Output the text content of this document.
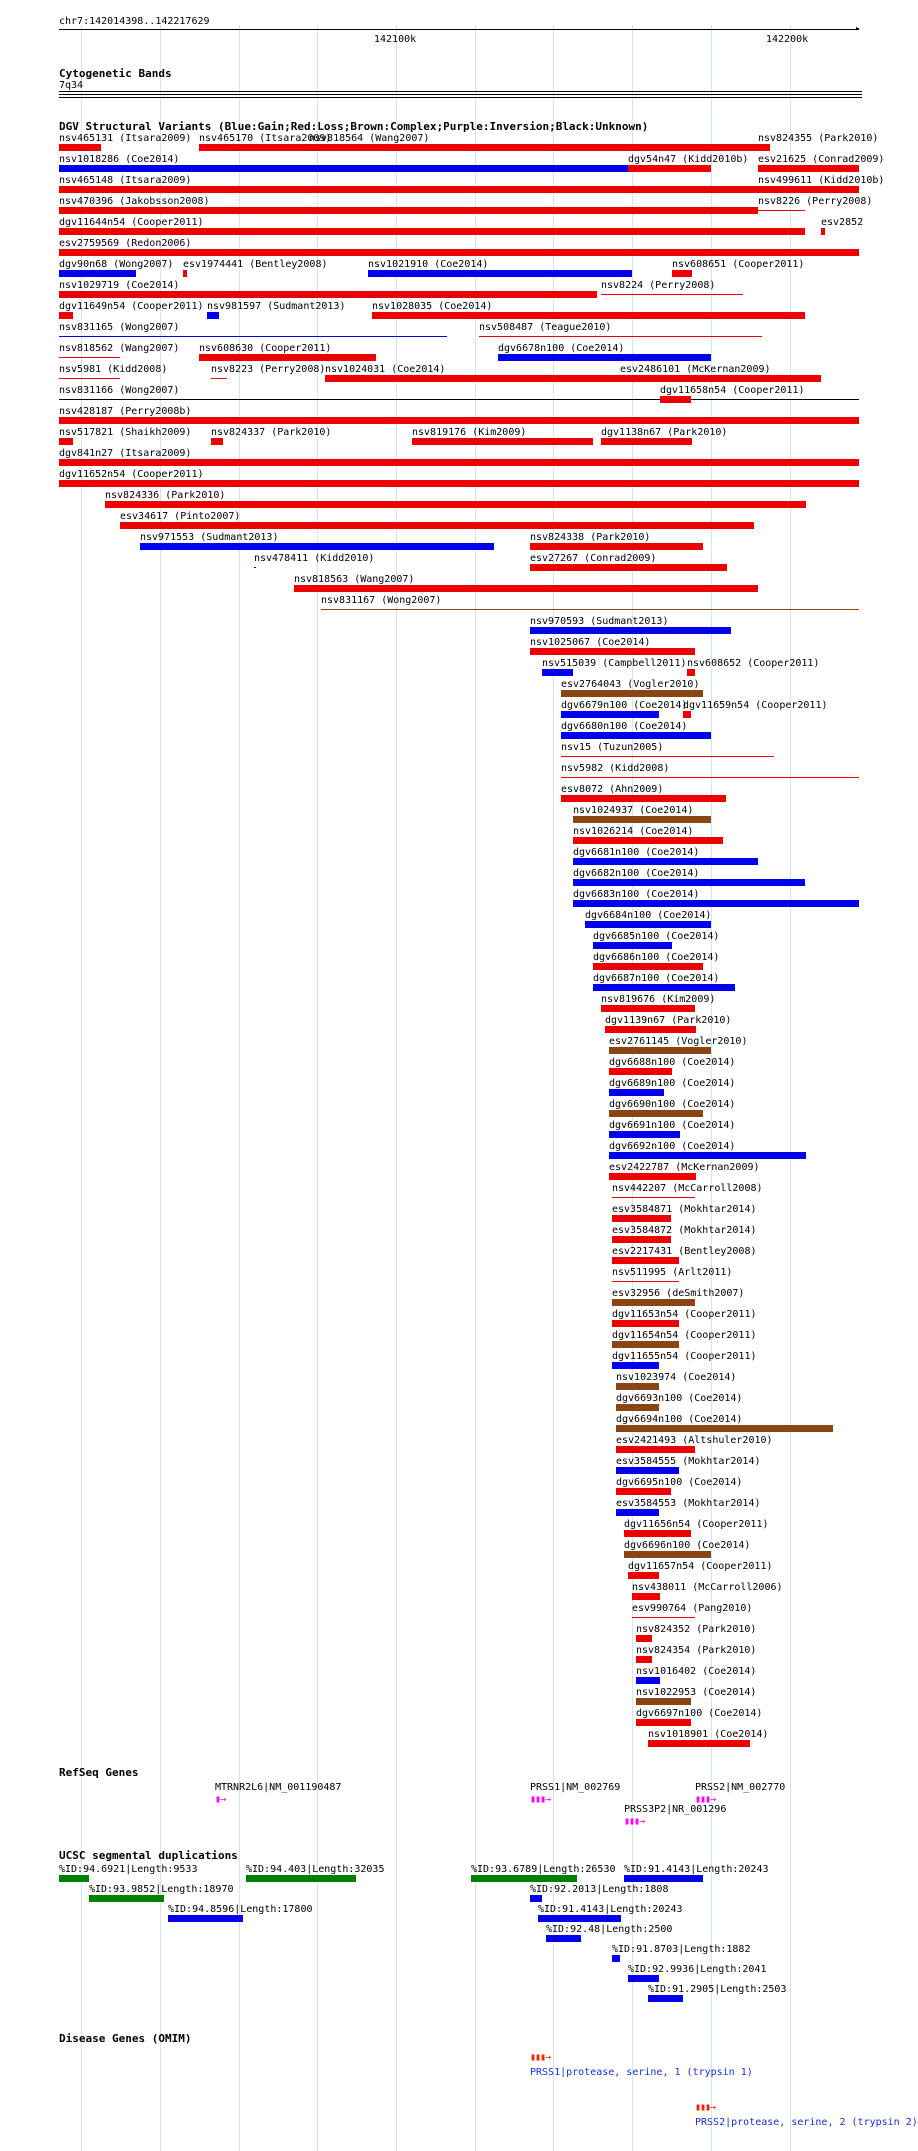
chr7:142014398..142217629
▸
142100k	142200k
Cytogenetic Bands
7q34
DGV Structural Variants (Blue:Gain;Red:Loss;Brown:Complex;Purple:Inversion;Black:Unknown)
nsv465131 (Itsara2009) nsv465170 (Itsara2009)
nsv818564 (Wang2007)	nsv824355 (Park2010)
nsv1018286 (Coe2014)	dgv54n47 (Kidd2010b) esv21625 (Conrad2009)
nsv465148 (Itsara2009)	nsv499611 (Kidd2010b)
nsv470396 (Jakobsson2008)	nsv8226 (Perry2008)
dgv11644n54 (Cooper2011)	esv2852
esv2759569 (Redon2006)
dgv90n68 (Wong2007) esv1974441 (Bentley2008)	nsv1021910 (Coe2014)	nsv608651 (Cooper2011)
nsv1029719 (Coe2014)	nsv8224 (Perry2008)
dgv11649n54 (Cooper2011) nsv981597 (Sudmant2013)	nsv1028035 (Coe2014)
nsv831165 (Wong2007)	nsv508487 (Teague2010)
nsv818562 (Wang2007) nsv608630 (Cooper2011)	dgv6678n100 (Coe2014)
nsv5981 (Kidd2008)	nsv8223 (Perry2008) nsv1024031 (Coe2014)	esv2486101 (McKernan2009)
nsv831166 (Wong2007)	dgv11658n54 (Cooper2011)
nsv428187 (Perry2008b)
nsv517821 (Shaikh2009) nsv824337 (Park2010)	nsv819176 (Kim2009)	dgv1138n67 (Park2010)
dgv841n27 (Itsara2009)
dgv11652n54 (Cooper2011)
nsv824336 (Park2010)
esv34617 (Pinto2007)
nsv971553 (Sudmant2013)	nsv824338 (Park2010)
nsv478411 (Kidd2010)	esv27267 (Conrad2009)
nsv818563 (Wang2007)
nsv831167 (Wong2007)
nsv970593 (Sudmant2013)
nsv1025067 (Coe2014)
nsv515039 (Campbell2011) nsv608652 (Cooper2011)
esv2764043 (Vogler2010)
dgv6679n100 (Coe2014)
dgv11659n54 (Cooper2011)
dgv6680n100 (Coe2014)
nsv15 (Tuzun2005)
nsv5982 (Kidd2008)
esv8072 (Ahn2009)
nsv1024937 (Coe2014)
nsv1026214 (Coe2014)
dgv6681n100 (Coe2014)
dgv6682n100 (Coe2014)
dgv6683n100 (Coe2014)
dgv6684n100 (Coe2014)
dgv6685n100 (Coe2014)
dgv6686n100 (Coe2014)
dgv6687n100 (Coe2014)
nsv819676 (Kim2009)
dgv1139n67 (Park2010)
esv2761145 (Vogler2010)
dgv6688n100 (Coe2014)
dgv6689n100 (Coe2014)
dgv6690n100 (Coe2014)
dgv6691n100 (Coe2014)
dgv6692n100 (Coe2014)
esv2422787 (McKernan2009)
nsv442207 (McCarroll2008)
esv3584871 (Mokhtar2014)
esv3584872 (Mokhtar2014)
esv2217431 (Bentley2008)
nsv511995 (Arlt2011)
esv32956 (deSmith2007)
dgv11653n54 (Cooper2011)
dgv11654n54 (Cooper2011)
dgv11655n54 (Cooper2011)
nsv1023974 (Coe2014)
dgv6693n100 (Coe2014)
dgv6694n100 (Coe2014)
esv2421493 (Altshuler2010)
esv3584555 (Mokhtar2014)
dgv6695n100 (Coe2014)
esv3584553 (Mokhtar2014)
dgv11656n54 (Cooper2011)
dgv6696n100 (Coe2014)
dgv11657n54 (Cooper2011)
nsv438011 (McCarroll2006)
esv990764 (Pang2010)
nsv824352 (Park2010)
nsv824354 (Park2010)
nsv1016402 (Coe2014)
nsv1022953 (Coe2014)
dgv6697n100 (Coe2014)
nsv1018901 (Coe2014)
RefSeq Genes
MTRNR2L6|NM_001190487
▮→
PRSS1|NM_002769
▮▮▮→
PRSS2|NM_002770
▮▮▮→
PRSS3P2|NR_001296
▮▮▮→
UCSC segmental duplications
%ID:94.6921|Length:9533	%ID:94.403|Length:32035	%ID:93.6789|Length:26530 %ID:91.4143|Length:20243
%ID:93.9852|Length:18970	%ID:92.2013|Length:1808
%ID:94.8596|Length:17800	%ID:91.4143|Length:20243
%ID:92.48|Length:2500
%ID:91.8703|Length:1882
%ID:92.9936|Length:2041
%ID:91.2905|Length:2503
Disease Genes (OMIM)
▮▮▮→
PRSS1|protease, serine, 1 (trypsin 1)
▮▮▮→
PRSS2|protease, serine, 2 (trypsin 2)
